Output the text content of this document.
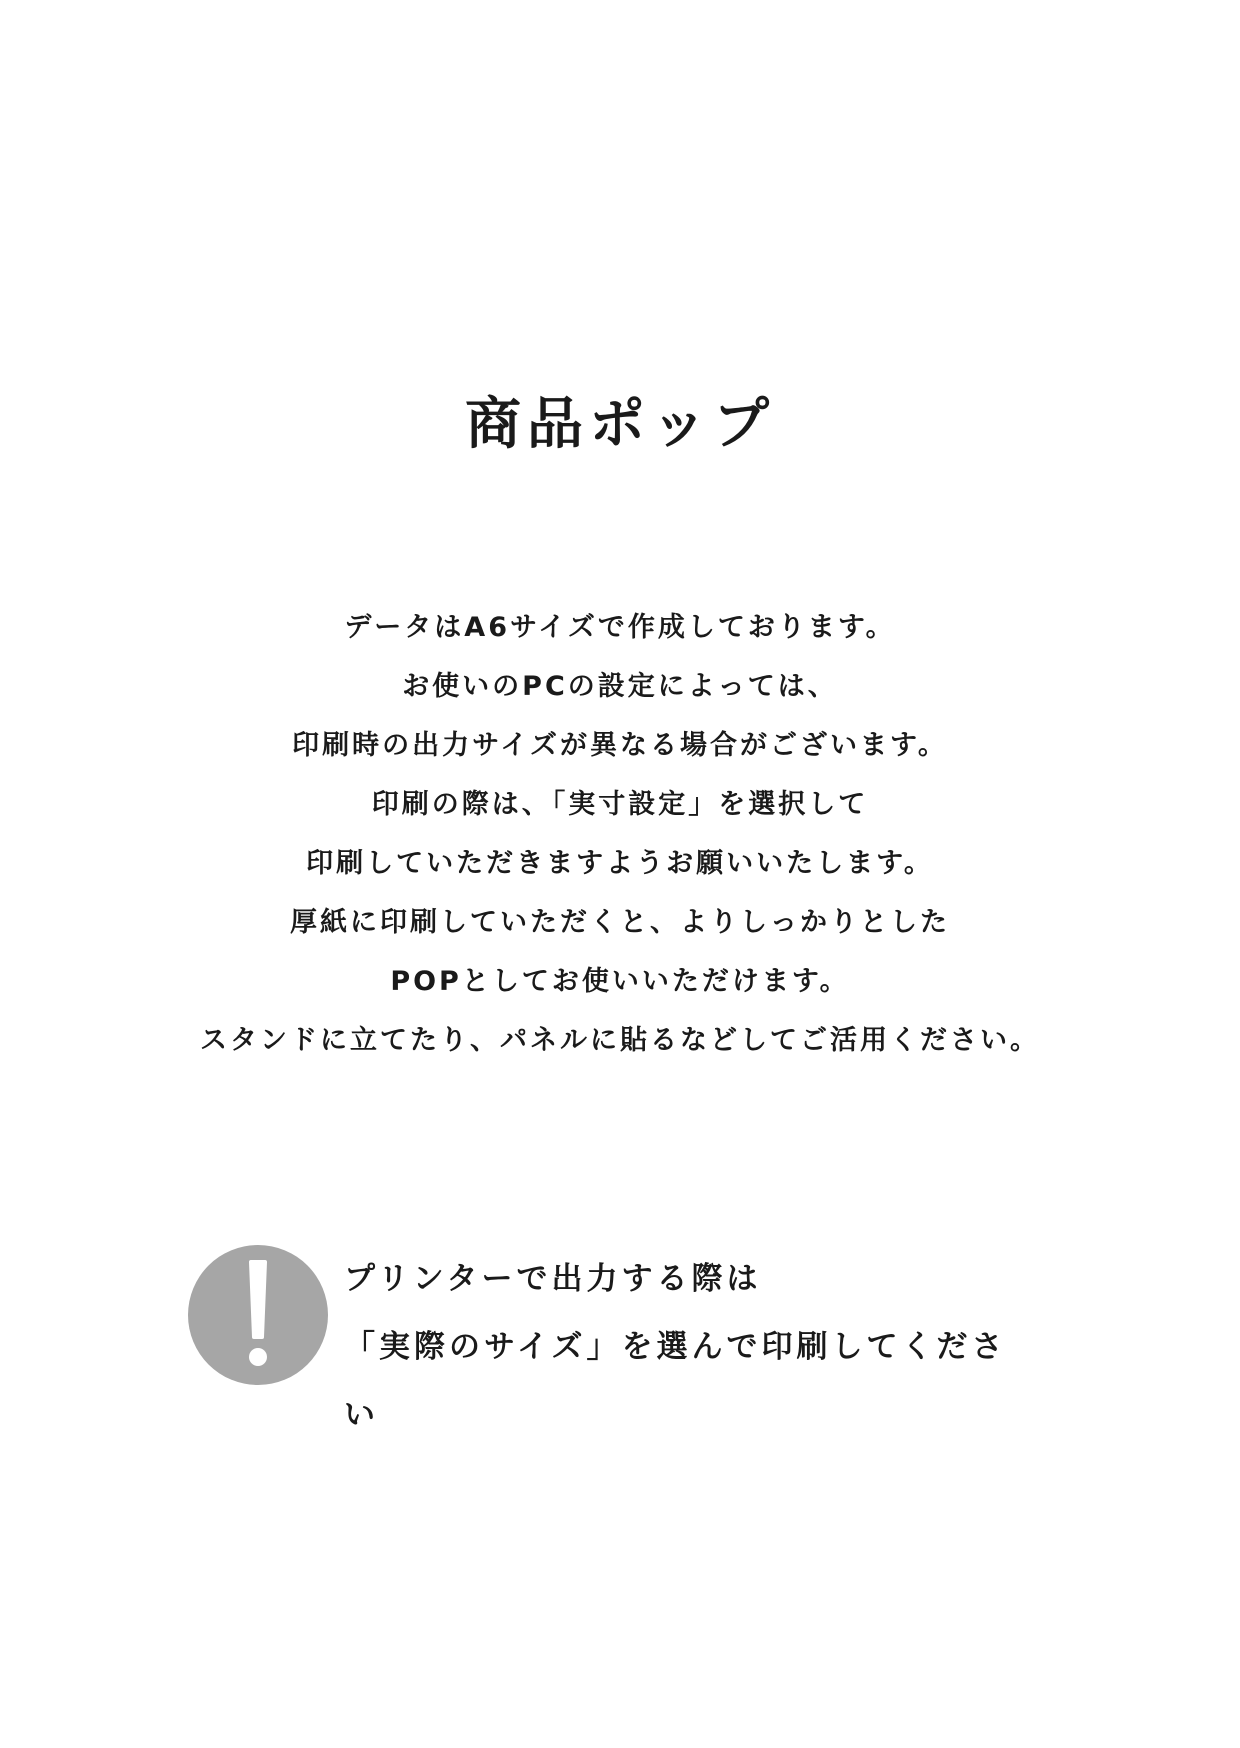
商品ポップ
データはA6サイズで作成しております。
お使いのPCの設定によっては、
印刷時の出力サイズが異なる場合がございます。
印刷の際は、「実寸設定」を選択して
印刷していただきますようお願いいたします。
厚紙に印刷していただくと、よりしっかりとした
POPとしてお使いいただけます。
スタンドに立てたり、パネルに貼るなどしてご活用ください。
プリンターで出力する際は
「実際のサイズ」を選んで印刷してくださ
い
